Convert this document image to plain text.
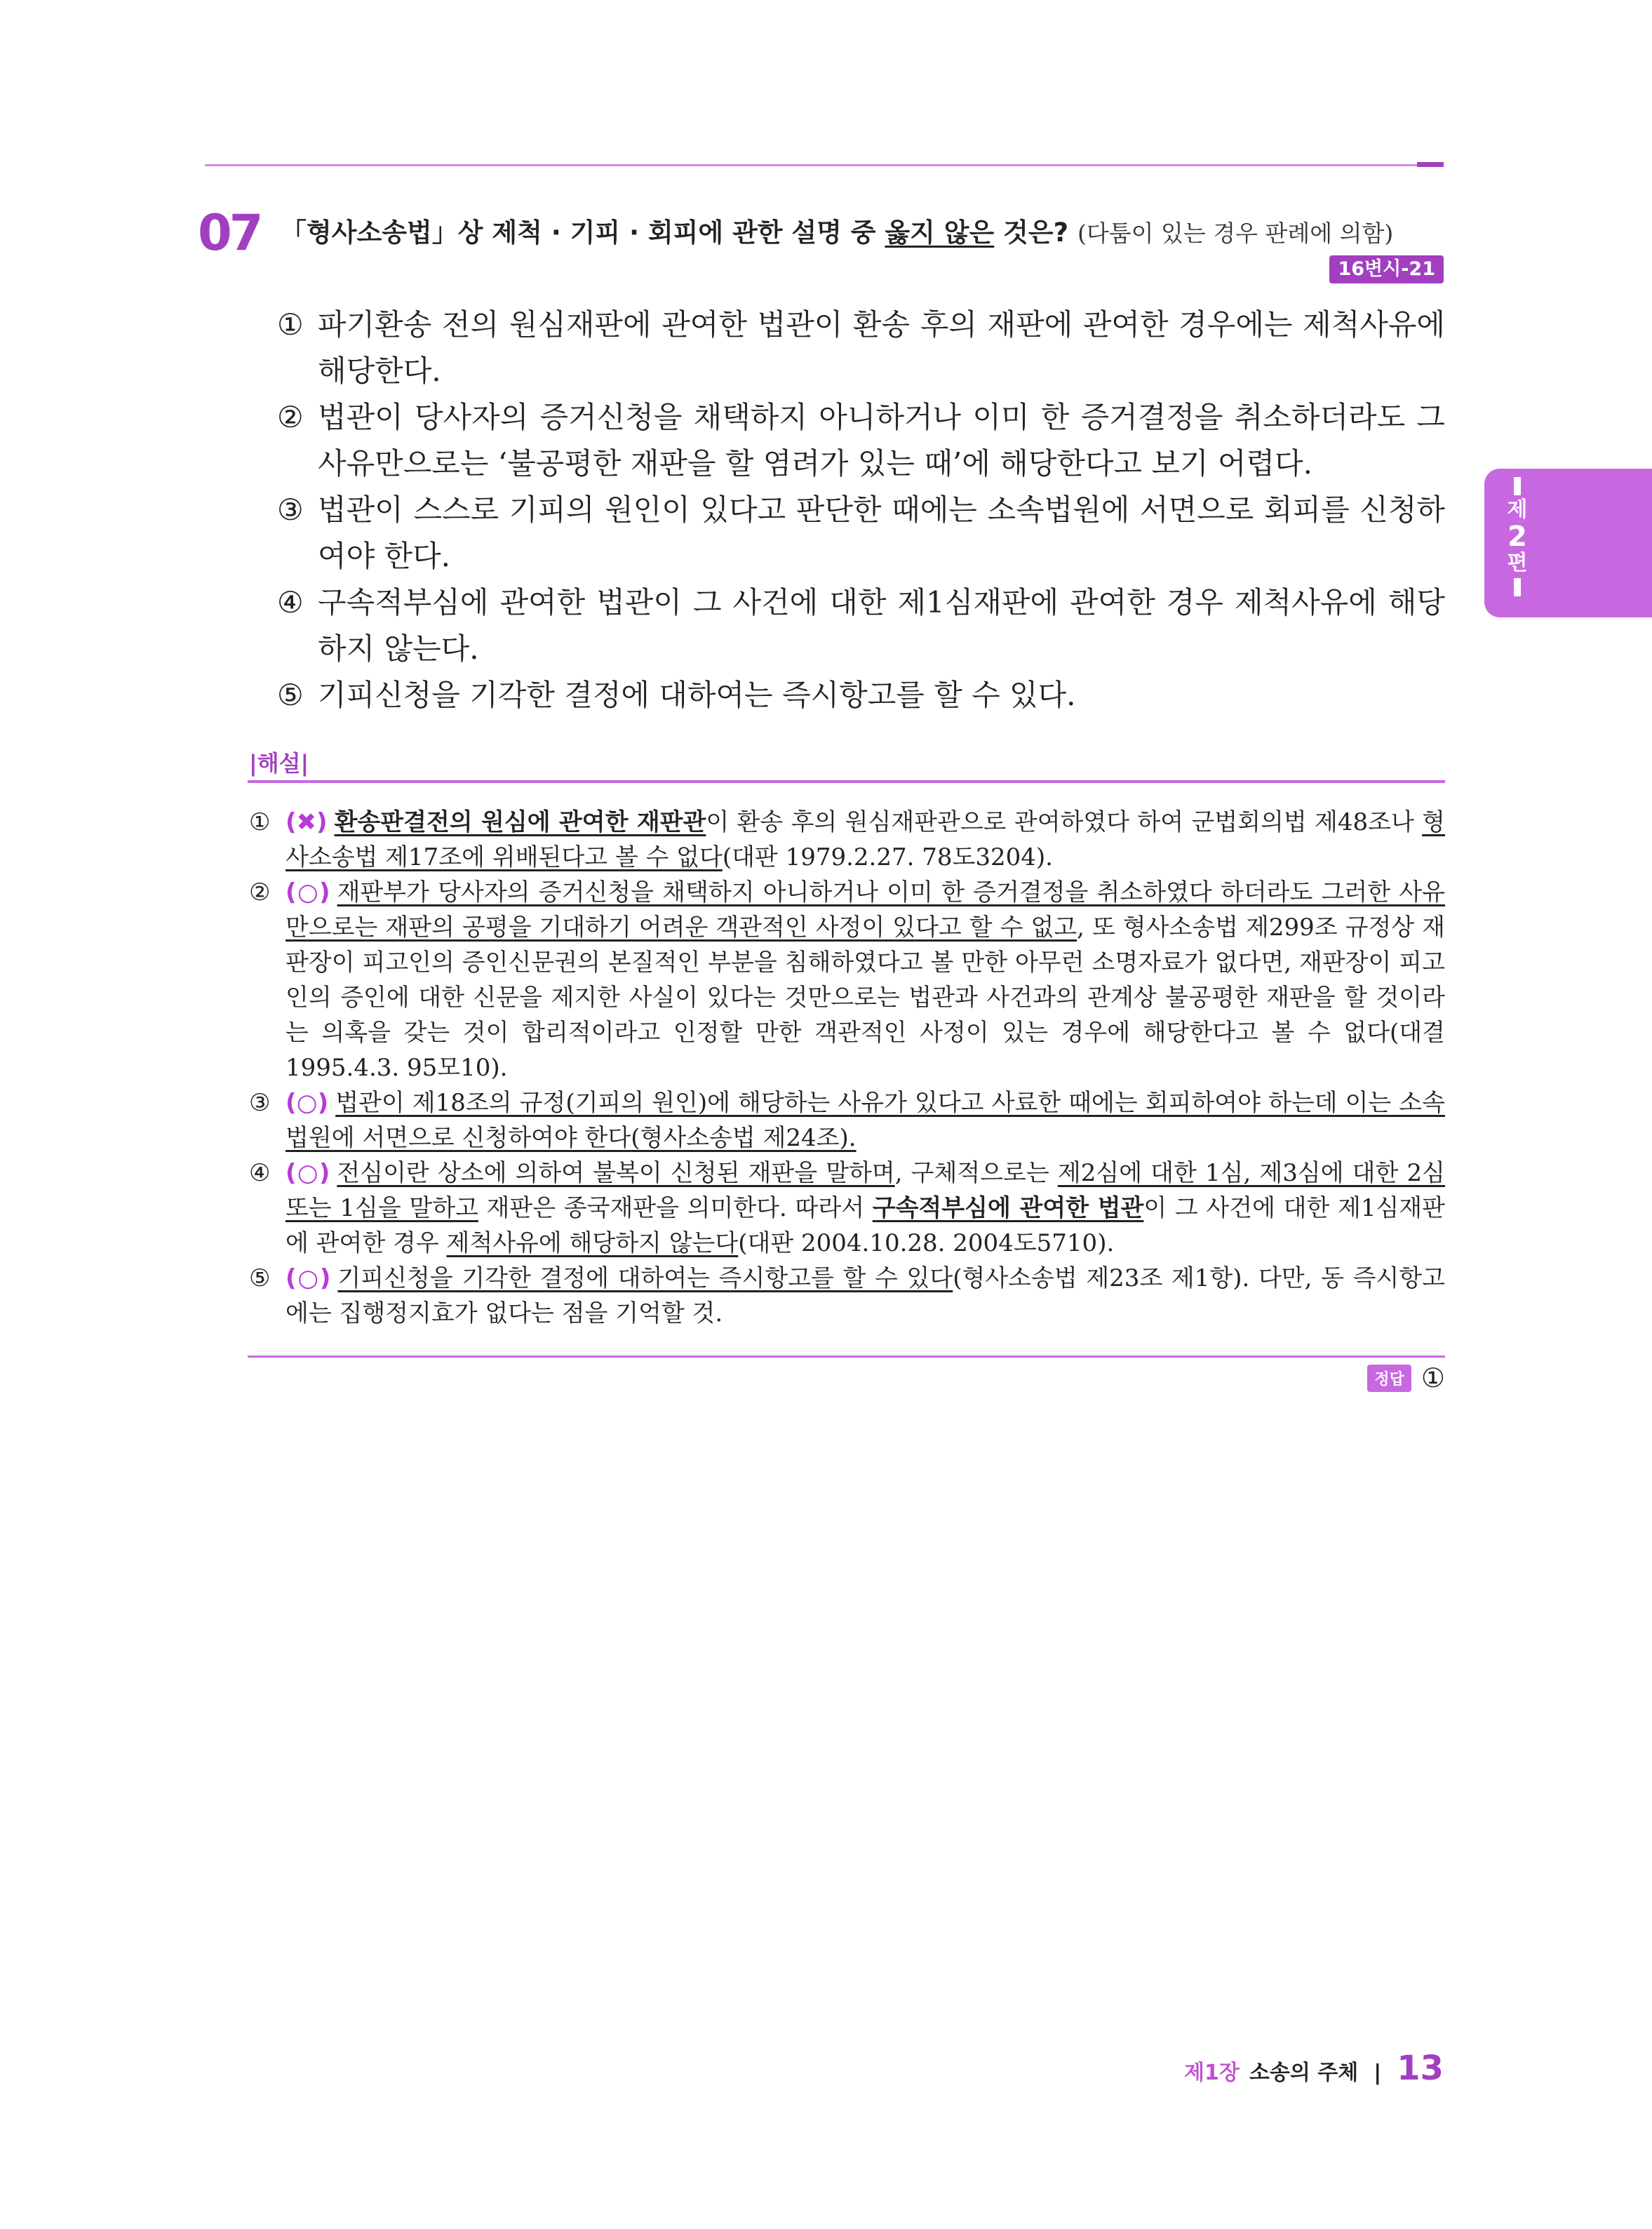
07 「형사소송법」상 제척 · 기피 · 회피에 관한 설명 중 옳지 않은 것은? (다툼이 있는 경우 판례에 의함)
16변시-21
① 파기환송 전의 원심재판에 관여한 법관이 환송 후의 재판에 관여한 경우에는 제척사유에 해당한다.
② 법관이 당사자의 증거신청을 채택하지 아니하거나 이미 한 증거결정을 취소하더라도 그 사유만으로는 ‘불공평한 재판을 할 염려가 있는 때’에 해당한다고 보기 어렵다.
③ 법관이 스스로 기피의 원인이 있다고 판단한 때에는 소속법원에 서면으로 회피를 신청하여야 한다.
④ 구속적부심에 관여한 법관이 그 사건에 대한 제1심재판에 관여한 경우 제척사유에 해당하지 않는다.
⑤ 기피신청을 기각한 결정에 대하여는 즉시항고를 할 수 있다.
제
2
편
|해설|
① (✖) 환송판결전의 원심에 관여한 재판관이 환송 후의 원심재판관으로 관여하였다 하여 군법회의법 제48조나 형사소송법 제17조에 위배된다고 볼 수 없다(대판 1979.2.27. 78도3204).
② (○) 재판부가 당사자의 증거신청을 채택하지 아니하거나 이미 한 증거결정을 취소하였다 하더라도 그러한 사유만으로는 재판의 공평을 기대하기 어려운 객관적인 사정이 있다고 할 수 없고, 또 형사소송법 제299조 규정상 재판장이 피고인의 증인신문권의 본질적인 부분을 침해하였다고 볼 만한 아무런 소명자료가 없다면, 재판장이 피고인의 증인에 대한 신문을 제지한 사실이 있다는 것만으로는 법관과 사건과의 관계상 불공평한 재판을 할 것이라는 의혹을 갖는 것이 합리적이라고 인정할 만한 객관적인 사정이 있는 경우에 해당한다고 볼 수 없다(대결 1995.4.3. 95모10).
③ (○) 법관이 제18조의 규정(기피의 원인)에 해당하는 사유가 있다고 사료한 때에는 회피하여야 하는데 이는 소속법원에 서면으로 신청하여야 한다(형사소송법 제24조).
④ (○) 전심이란 상소에 의하여 불복이 신청된 재판을 말하며, 구체적으로는 제2심에 대한 1심, 제3심에 대한 2심 또는 1심을 말하고 재판은 종국재판을 의미한다. 따라서 구속적부심에 관여한 법관이 그 사건에 대한 제1심재판에 관여한 경우 제척사유에 해당하지 않는다(대판 2004.10.28. 2004도5710).
⑤ (○) 기피신청을 기각한 결정에 대하여는 즉시항고를 할 수 있다(형사소송법 제23조 제1항). 다만, 동 즉시항고에는 집행정지효가 없다는 점을 기억할 것.
정답 ①
제1장 소송의 주체 | 13
